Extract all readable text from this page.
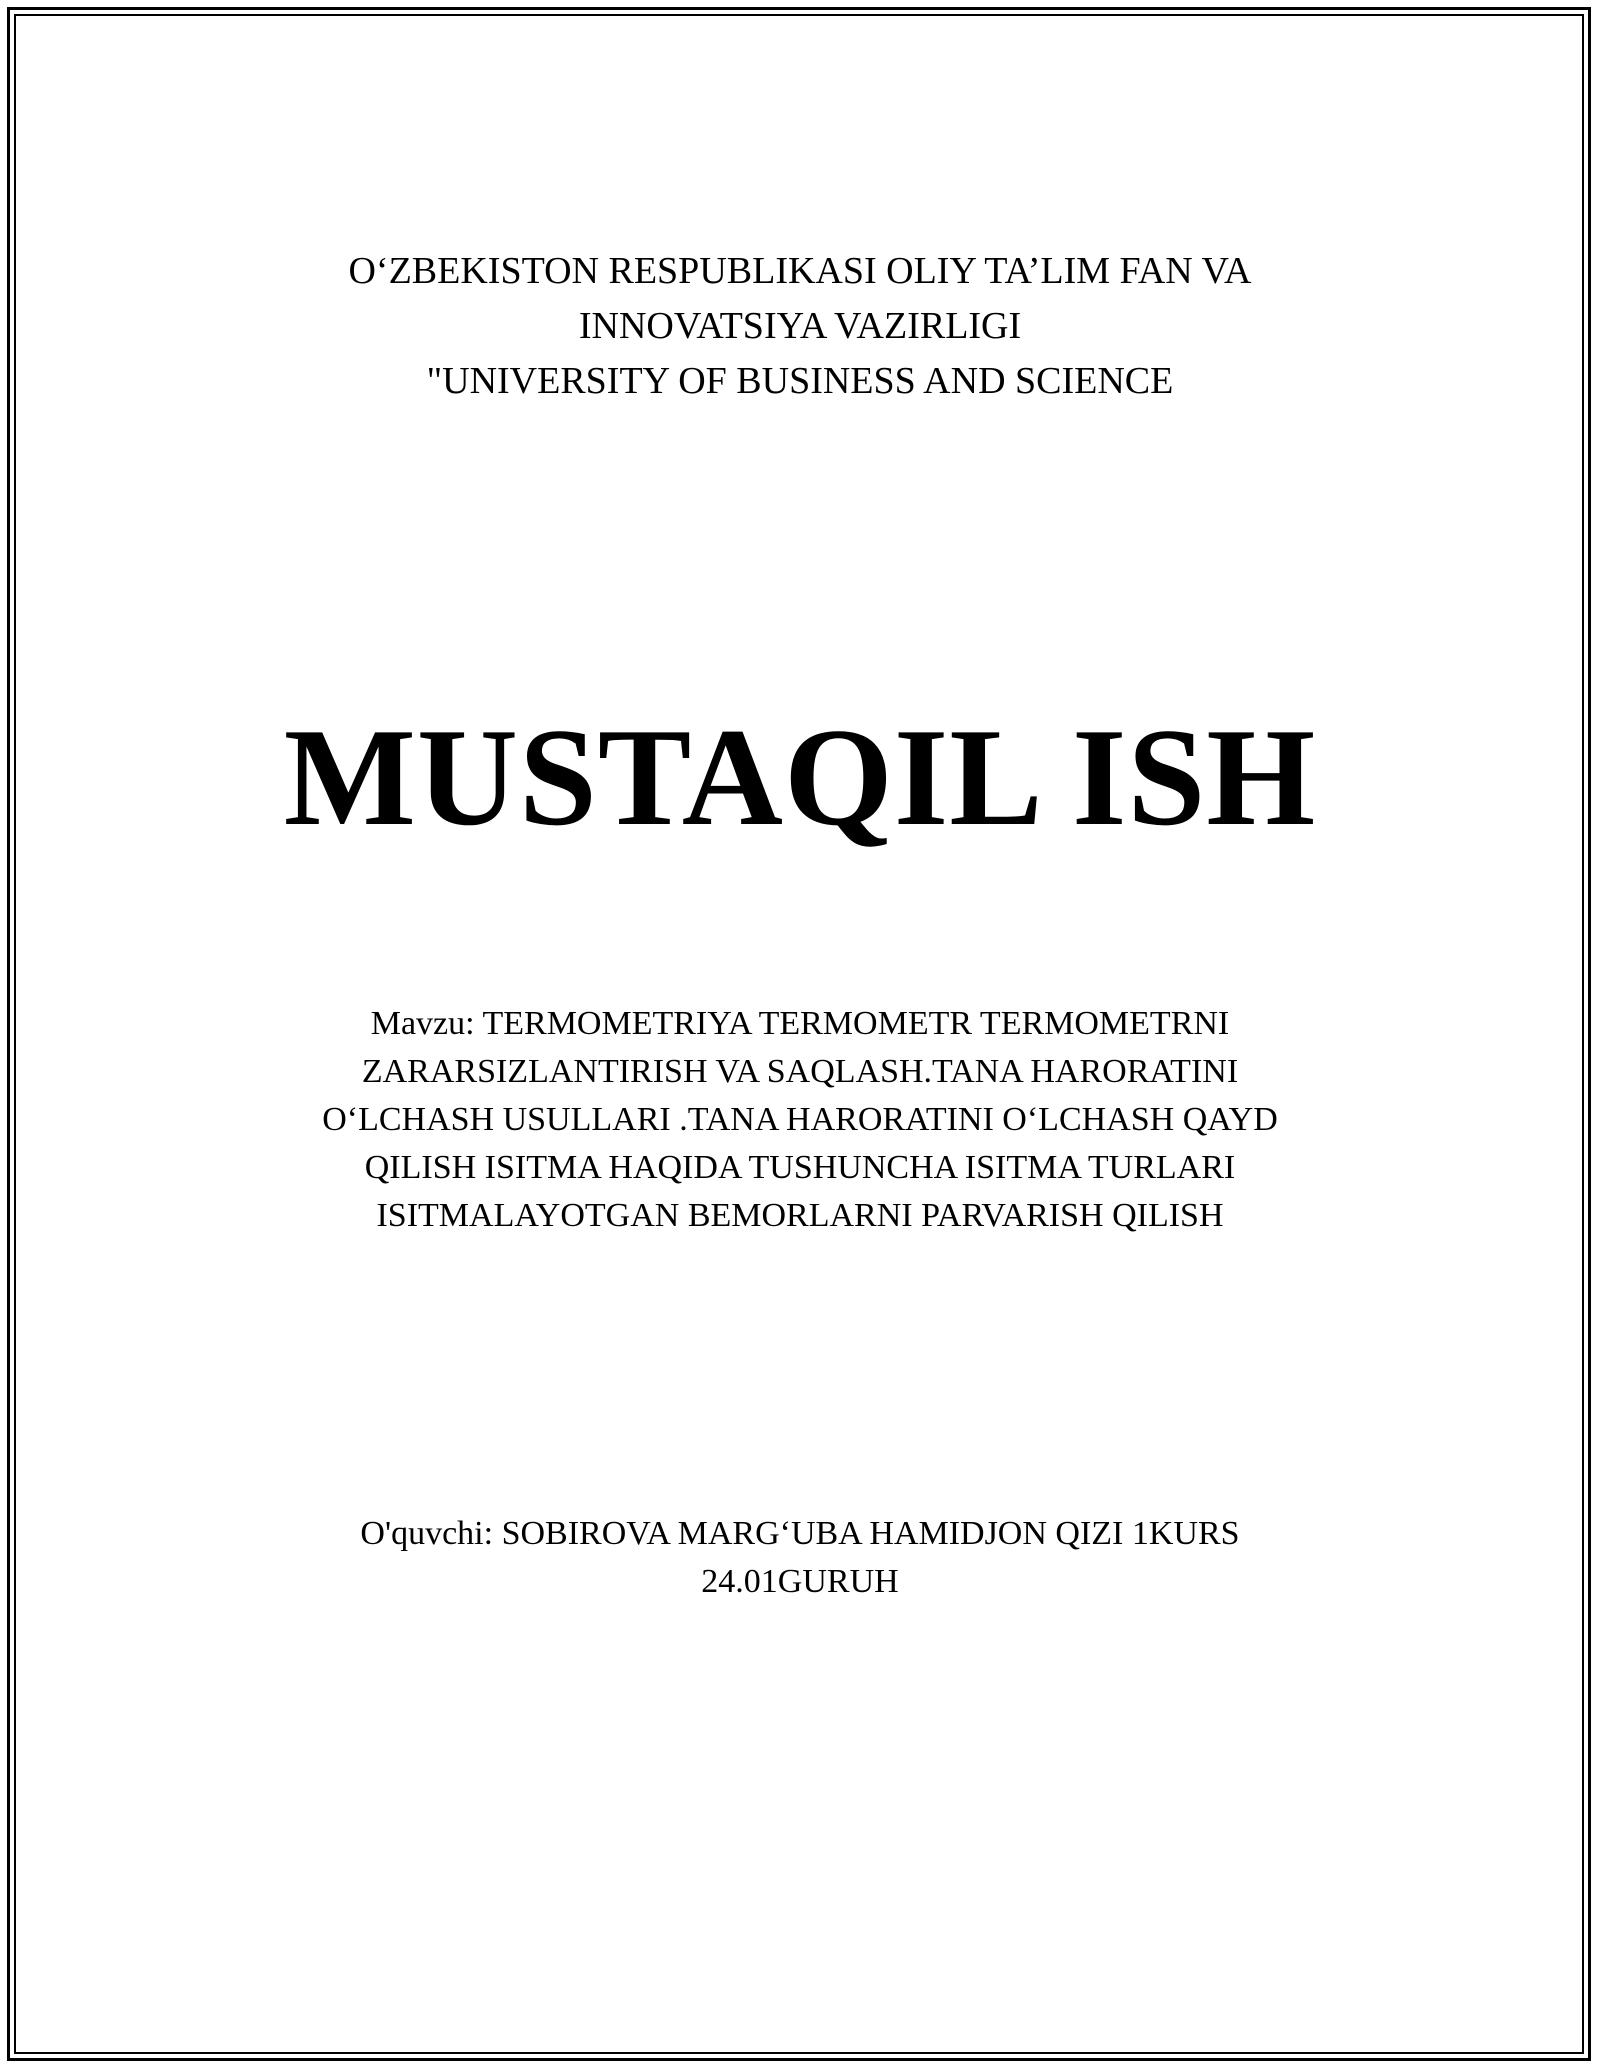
O‘ZBEKISTON RESPUBLIKASI OLIY TA’LIM FAN VA
INNOVATSIYA VAZIRLIGI
"UNIVERSITY OF BUSINESS AND SCIENCE
MUSTAQIL ISH
Mavzu: TERMOMETRIYA TERMOMETR TERMOMETRNI
ZARARSIZLANTIRISH VA SAQLASH.TANA HARORATINI
O‘LCHASH USULLARI .TANA HARORATINI O‘LCHASH QAYD
QILISH ISITMA HAQIDA TUSHUNCHA ISITMA TURLARI
ISITMALAYOTGAN BEMORLARNI PARVARISH QILISH
O'quvchi: SOBIROVA MARG‘UBA HAMIDJON QIZI 1KURS
24.01GURUH
